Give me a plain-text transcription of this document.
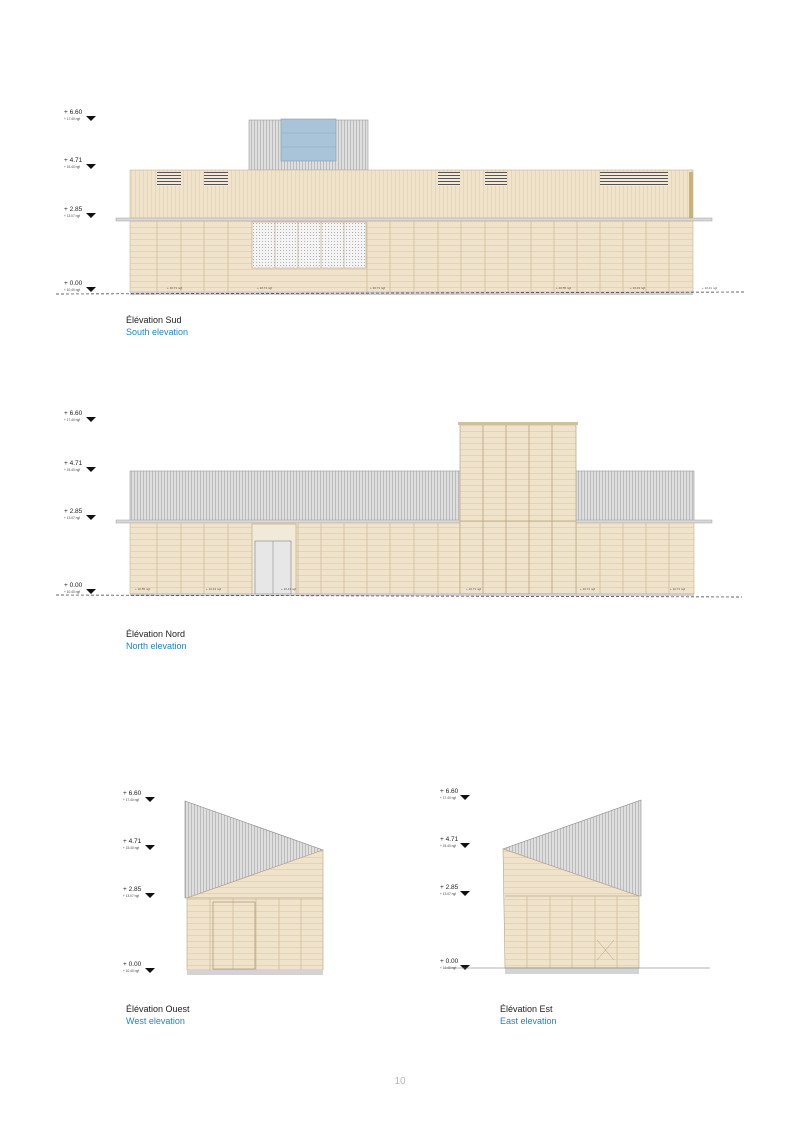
+ 6.60
+ 17.40 ngf
+ 4.71
+ 15.40 ngf
+ 2.85
+ 13.07 ngf
+ 0.00
+ 10.40 ngf	+ 10.71 ngf	+ 10.71 ngf	+ 10.71 ngf	+ 10.55 ngf	+ 10.43 ngf	+ 10.41 ngf
Élévation Sud
South elevation
+ 6.60
+ 17.40 ngf
+ 4.71
+ 15.40 ngf
+ 2.85
+ 13.07 ngf
+ 0.00
+ 10.40 ngf
+ 10.55 ngf	+ 10.43 ngf	+ 10.41 ngf	+ 10.71 ngf	+ 10.71 ngf	+ 10.71 ngf
Élévation Nord
North elevation
+ 6.60
+ 17.40 ngf
+ 4.71
+ 15.40 ngf
+ 2.85
+ 13.07 ngf
+ 0.00
+ 10.40 ngf
Élévation Ouest
West elevation
+ 6.60
+ 17.40 ngf
+ 4.71
+ 15.40 ngf
+ 2.85
+ 13.07 ngf
+ 0.00
+ 10.40 ngf
Élévation Est
East elevation
10
